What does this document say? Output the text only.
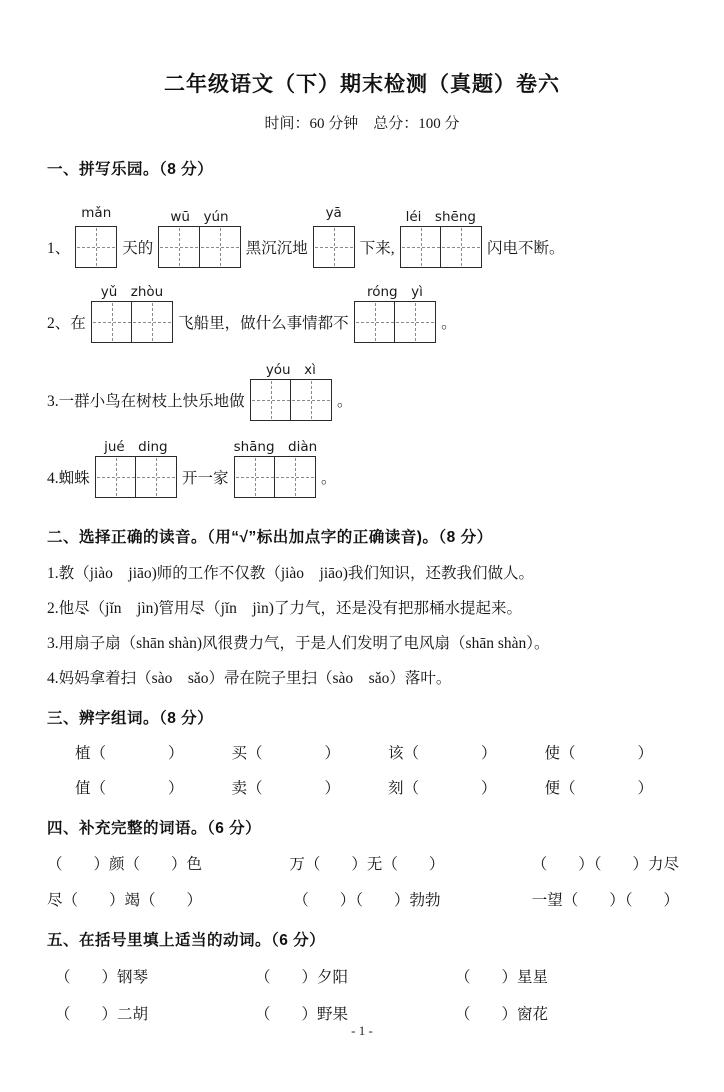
二年级语文（下）期末检测（真题）卷六
时间：60 分钟　总分：100 分
一、拼写乐园。（8 分）
1、
mǎn
天的
wū　yún
黑沉沉地
yā
下来,
léi　shēng
闪电不断。
2、在
yǔ　zhòu
飞船里，做什么事情都不
róng　yì
。
3.一群小鸟在树枝上快乐地做
yóu　xì
。
4.蜘蛛
jué　ding
开一家
shāng　diàn
。
二、选择正确的读音。（用“√”标出加点字的正确读音)。（8 分）

1.教 •（jiào　jiāo)师的工作不仅教 •（jiào　jiāo)我们知识，还教我们做人。

2.他尽 •（jǐn　jìn)管用尽 •（jǐn　jìn)了力气，还是没有把那桶水提起来。

3.用扇子扇 •（shān shàn)风很费力气，于是人们发明了电风扇 •（shān shàn）。

4.妈妈拿着扫 •（sào　sǎo）帚在院子里扫 •（sào　sǎo）落叶。

三、辨字组词。（8 分）
植（　　　　）	买（　　　　）	该（　　　　）	使（　　　　）
值（　　　　）	卖（　　　　）	刻（　　　　）	便（　　　　）
四、补充完整的词语。（6 分）
（　　）颜（　　）色	万（　　）无（　　）	（　　）（　　）力尽
尽（　　）竭（　　）	（　　）（　　）勃勃	一望（　　）（　　）
五、在括号里填上适当的动词。（6 分）
（　　）钢琴	（　　）夕阳	（　　）星星
（　　）二胡	（　　）野果	（　　）窗花
- 1 -
